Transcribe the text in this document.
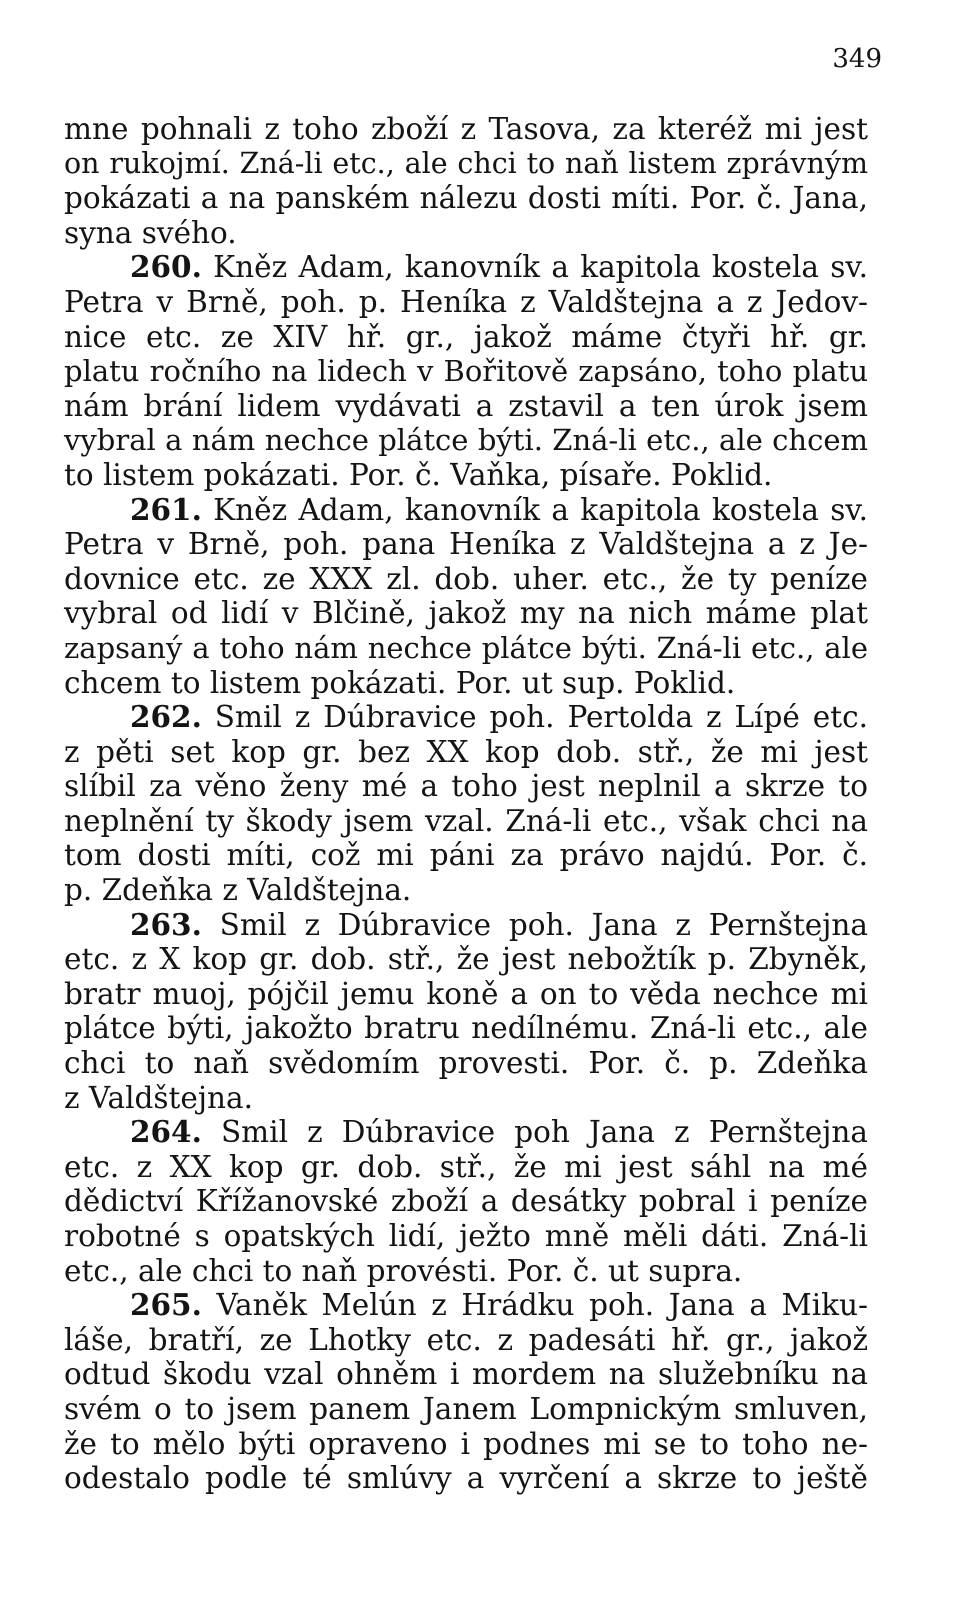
349
mne pohnali z toho zboží z Tasova, za kteréž mi jest
on rukojmí. Zná-li etc., ale chci to naň listem zprávným
pokázati a na panském nálezu dosti míti. Por. č. Jana,
syna svého.
260. Kněz Adam, kanovník a kapitola kostela sv.
Petra v Brně, poh. p. Heníka z Valdštejna a z Jedov-
nice etc. ze XIV hř. gr., jakož máme čtyři hř. gr.
platu ročního na lidech v Bořitově zapsáno, toho platu
nám brání lidem vydávati a zstavil a ten úrok jsem
vybral a nám nechce plátce býti. Zná-li etc., ale chcem
to listem pokázati. Por. č. Vaňka, písaře. Poklid.
261. Kněz Adam, kanovník a kapitola kostela sv.
Petra v Brně, poh. pana Heníka z Valdštejna a z Je-
dovnice etc. ze XXX zl. dob. uher. etc., že ty peníze
vybral od lidí v Blčině, jakož my na nich máme plat
zapsaný a toho nám nechce plátce býti. Zná-li etc., ale
chcem to listem pokázati. Por. ut sup. Poklid.
262. Smil z Dúbravice poh. Pertolda z Lípé etc.
z pěti set kop gr. bez XX kop dob. stř., že mi jest
slíbil za věno ženy mé a toho jest neplnil a skrze to
neplnění ty škody jsem vzal. Zná-li etc., však chci na
tom dosti míti, což mi páni za právo najdú. Por. č.
p. Zdeňka z Valdštejna.
263. Smil z Dúbravice poh. Jana z Pernštejna
etc. z X kop gr. dob. stř., že jest nebožtík p. Zbyněk,
bratr muoj, pójčil jemu koně a on to věda nechce mi
plátce býti, jakožto bratru nedílnému. Zná-li etc., ale
chci to naň svědomím provesti. Por. č. p. Zdeňka
z Valdštejna.
264. Smil z Dúbravice poh Jana z Pernštejna
etc. z XX kop gr. dob. stř., že mi jest sáhl na mé
dědictví Křížanovské zboží a desátky pobral i peníze
robotné s opatských lidí, ježto mně měli dáti. Zná-li
etc., ale chci to naň provésti. Por. č. ut supra.
265. Vaněk Melún z Hrádku poh. Jana a Miku-
láše, bratří, ze Lhotky etc. z padesáti hř. gr., jakož
odtud škodu vzal ohněm i mordem na služebníku na
svém o to jsem panem Janem Lompnickým smluven,
že to mělo býti opraveno i podnes mi se to toho ne-
odestalo podle té smlúvy a vyrčení a skrze to ještě
